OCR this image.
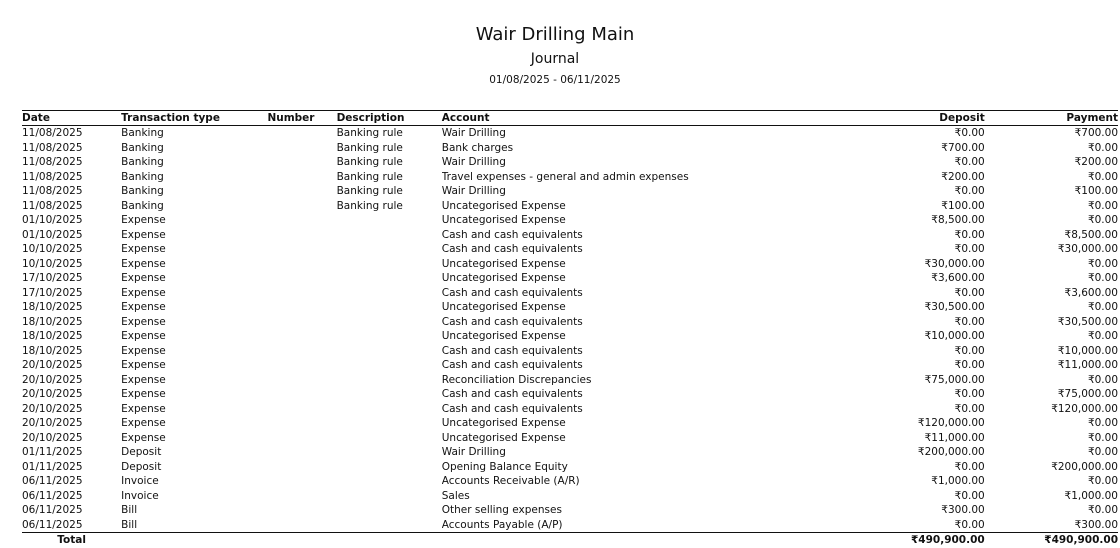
Wair Drilling Main
Journal
01/08/2025 - 06/11/2025
Date	Transaction type	Number	Description	Account	Deposit	Payment
11/08/2025	Banking		Banking rule	Wair Drilling	₹0.00	₹700.00
11/08/2025	Banking		Banking rule	Bank charges	₹700.00	₹0.00
11/08/2025	Banking		Banking rule	Wair Drilling	₹0.00	₹200.00
11/08/2025	Banking		Banking rule	Travel expenses - general and admin expenses	₹200.00	₹0.00
11/08/2025	Banking		Banking rule	Wair Drilling	₹0.00	₹100.00
11/08/2025	Banking		Banking rule	Uncategorised Expense	₹100.00	₹0.00
01/10/2025	Expense			Uncategorised Expense	₹8,500.00	₹0.00
01/10/2025	Expense			Cash and cash equivalents	₹0.00	₹8,500.00
10/10/2025	Expense			Cash and cash equivalents	₹0.00	₹30,000.00
10/10/2025	Expense			Uncategorised Expense	₹30,000.00	₹0.00
17/10/2025	Expense			Uncategorised Expense	₹3,600.00	₹0.00
17/10/2025	Expense			Cash and cash equivalents	₹0.00	₹3,600.00
18/10/2025	Expense			Uncategorised Expense	₹30,500.00	₹0.00
18/10/2025	Expense			Cash and cash equivalents	₹0.00	₹30,500.00
18/10/2025	Expense			Uncategorised Expense	₹10,000.00	₹0.00
18/10/2025	Expense			Cash and cash equivalents	₹0.00	₹10,000.00
20/10/2025	Expense			Cash and cash equivalents	₹0.00	₹11,000.00
20/10/2025	Expense			Reconciliation Discrepancies	₹75,000.00	₹0.00
20/10/2025	Expense			Cash and cash equivalents	₹0.00	₹75,000.00
20/10/2025	Expense			Cash and cash equivalents	₹0.00	₹120,000.00
20/10/2025	Expense			Uncategorised Expense	₹120,000.00	₹0.00
20/10/2025	Expense			Uncategorised Expense	₹11,000.00	₹0.00
01/11/2025	Deposit			Wair Drilling	₹200,000.00	₹0.00
01/11/2025	Deposit			Opening Balance Equity	₹0.00	₹200,000.00
06/11/2025	Invoice			Accounts Receivable (A/R)	₹1,000.00	₹0.00
06/11/2025	Invoice			Sales	₹0.00	₹1,000.00
06/11/2025	Bill			Other selling expenses	₹300.00	₹0.00
06/11/2025	Bill			Accounts Payable (A/P)	₹0.00	₹300.00
Total					₹490,900.00	₹490,900.00
